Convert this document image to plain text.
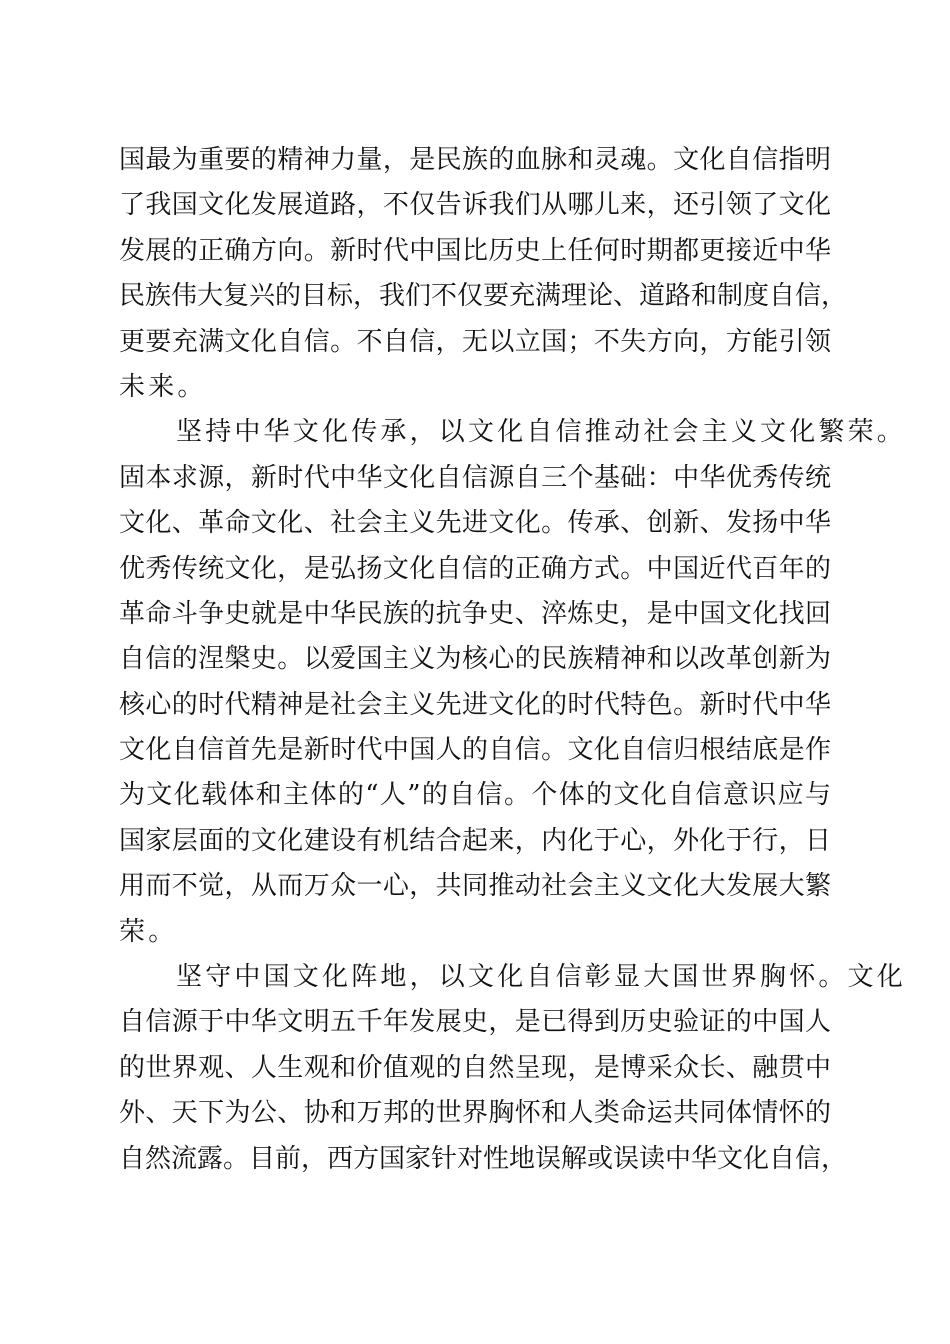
国最为重要的精神力量，是民族的血脉和灵魂。文化自信指明
了我国文化发展道路，不仅告诉我们从哪儿来，还引领了文化
发展的正确方向。新时代中国比历史上任何时期都更接近中华
民族伟大复兴的目标，我们不仅要充满理论、道路和制度自信，
更要充满文化自信。不自信，无以立国；不失方向，方能引领
未来。
坚持中华文化传承，以文化自信推动社会主义文化繁荣。
固本求源，新时代中华文化自信源自三个基础：中华优秀传统
文化、革命文化、社会主义先进文化。传承、创新、发扬中华
优秀传统文化，是弘扬文化自信的正确方式。中国近代百年的
革命斗争史就是中华民族的抗争史、淬炼史，是中国文化找回
自信的涅槃史。以爱国主义为核心的民族精神和以改革创新为
核心的时代精神是社会主义先进文化的时代特色。新时代中华
文化自信首先是新时代中国人的自信。文化自信归根结底是作
为文化载体和主体的“人”的自信。个体的文化自信意识应与
国家层面的文化建设有机结合起来，内化于心，外化于行，日
用而不觉，从而万众一心，共同推动社会主义文化大发展大繁
荣。
坚守中国文化阵地，以文化自信彰显大国世界胸怀。文化
自信源于中华文明五千年发展史，是已得到历史验证的中国人
的世界观、人生观和价值观的自然呈现，是博采众长、融贯中
外、天下为公、协和万邦的世界胸怀和人类命运共同体情怀的
自然流露。目前，西方国家针对性地误解或误读中华文化自信，
